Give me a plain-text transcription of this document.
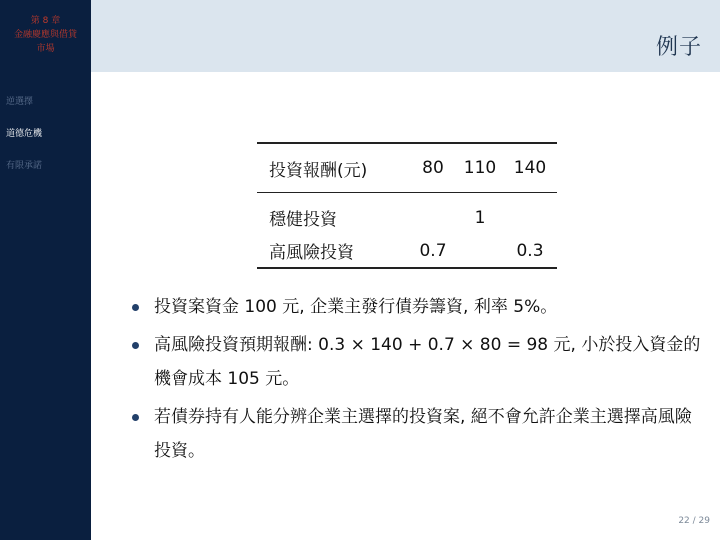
第 8 章
金融慶應與借貸
市場
逆選擇
道德危機
有限承諾
例子
投資報酬(元)	80	110	140

穩健投資		1	
高風險投資	0.7		0.3
投資案資金 100 元, 企業主發行債券籌資, 利率 5%。
高風險投資預期報酬: 0.3 × 140 + 0.7 × 80 = 98 元, 小於投入資金的機會成本 105 元。
若債券持有人能分辨企業主選擇的投資案, 絕不會允許企業主選擇高風險投資。
22 / 29
